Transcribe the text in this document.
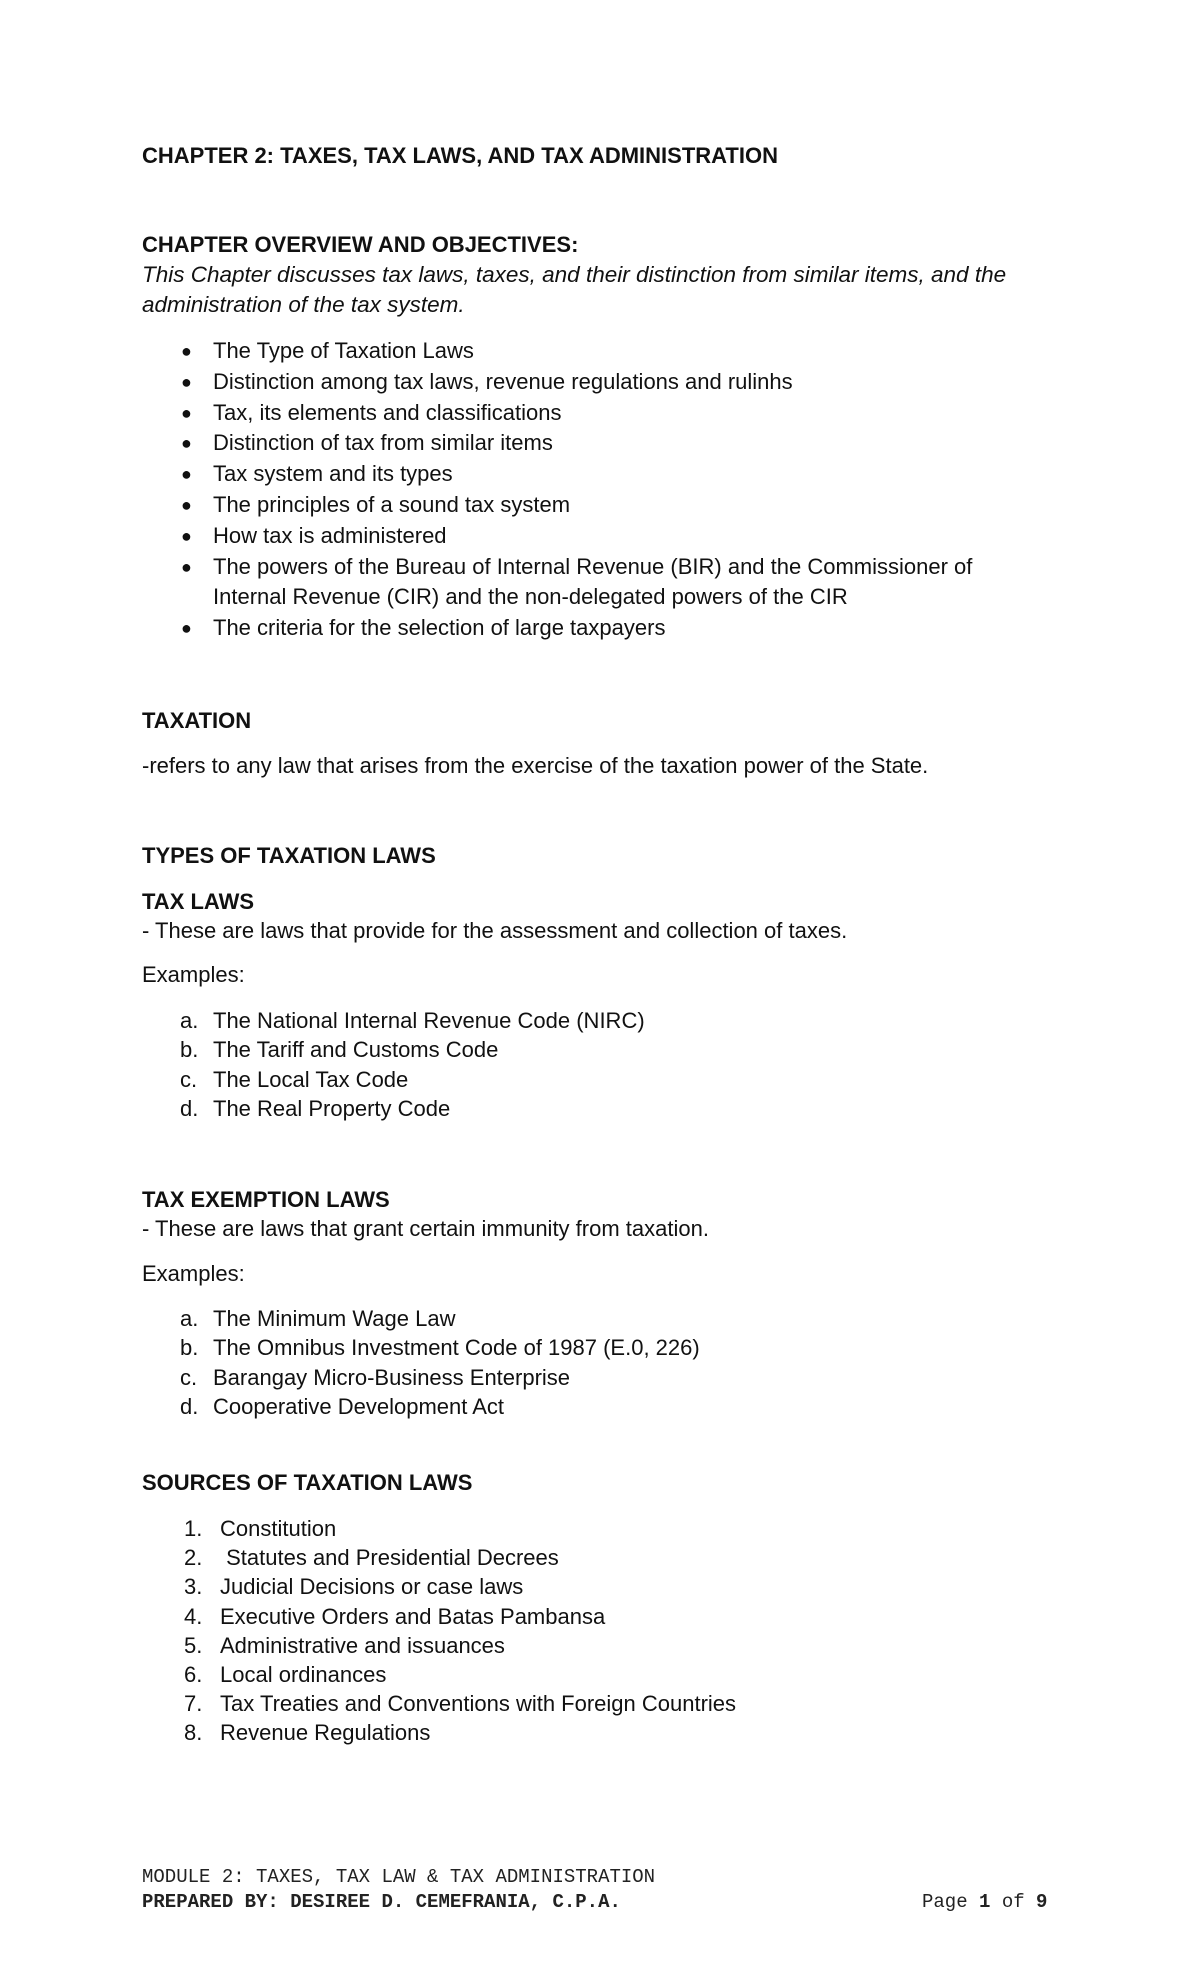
CHAPTER 2: TAXES, TAX LAWS, AND TAX ADMINISTRATION
CHAPTER OVERVIEW AND OBJECTIVES:
This Chapter discusses tax laws, taxes, and their distinction from similar items, and the administration of the tax system.
● The Type of Taxation Laws
● Distinction among tax laws, revenue regulations and rulinhs
● Tax, its elements and classifications
● Distinction of tax from similar items
● Tax system and its types
● The principles of a sound tax system
● How tax is administered
● The powers of the Bureau of Internal Revenue (BIR) and the Commissioner of Internal Revenue (CIR) and the non-delegated powers of the CIR
● The criteria for the selection of large taxpayers
TAXATION
-refers to any law that arises from the exercise of the taxation power of the State.
TYPES OF TAXATION LAWS
TAX LAWS
- These are laws that provide for the assessment and collection of taxes.
Examples:
a. The National Internal Revenue Code (NIRC)
b. The Tariff and Customs Code
c. The Local Tax Code
d. The Real Property Code
TAX EXEMPTION LAWS
- These are laws that grant certain immunity from taxation.
Examples:
a. The Minimum Wage Law
b. The Omnibus Investment Code of 1987 (E.0, 226)
c. Barangay Micro-Business Enterprise
d. Cooperative Development Act
SOURCES OF TAXATION LAWS
1. Constitution
2. Statutes and Presidential Decrees
3. Judicial Decisions or case laws
4. Executive Orders and Batas Pambansa
5. Administrative and issuances
6. Local ordinances
7. Tax Treaties and Conventions with Foreign Countries
8. Revenue Regulations
MODULE 2: TAXES, TAX LAW & TAX ADMINISTRATION
PREPARED BY: DESIREE D. CEMEFRANIA, C.P.A.	Page 1 of 9
